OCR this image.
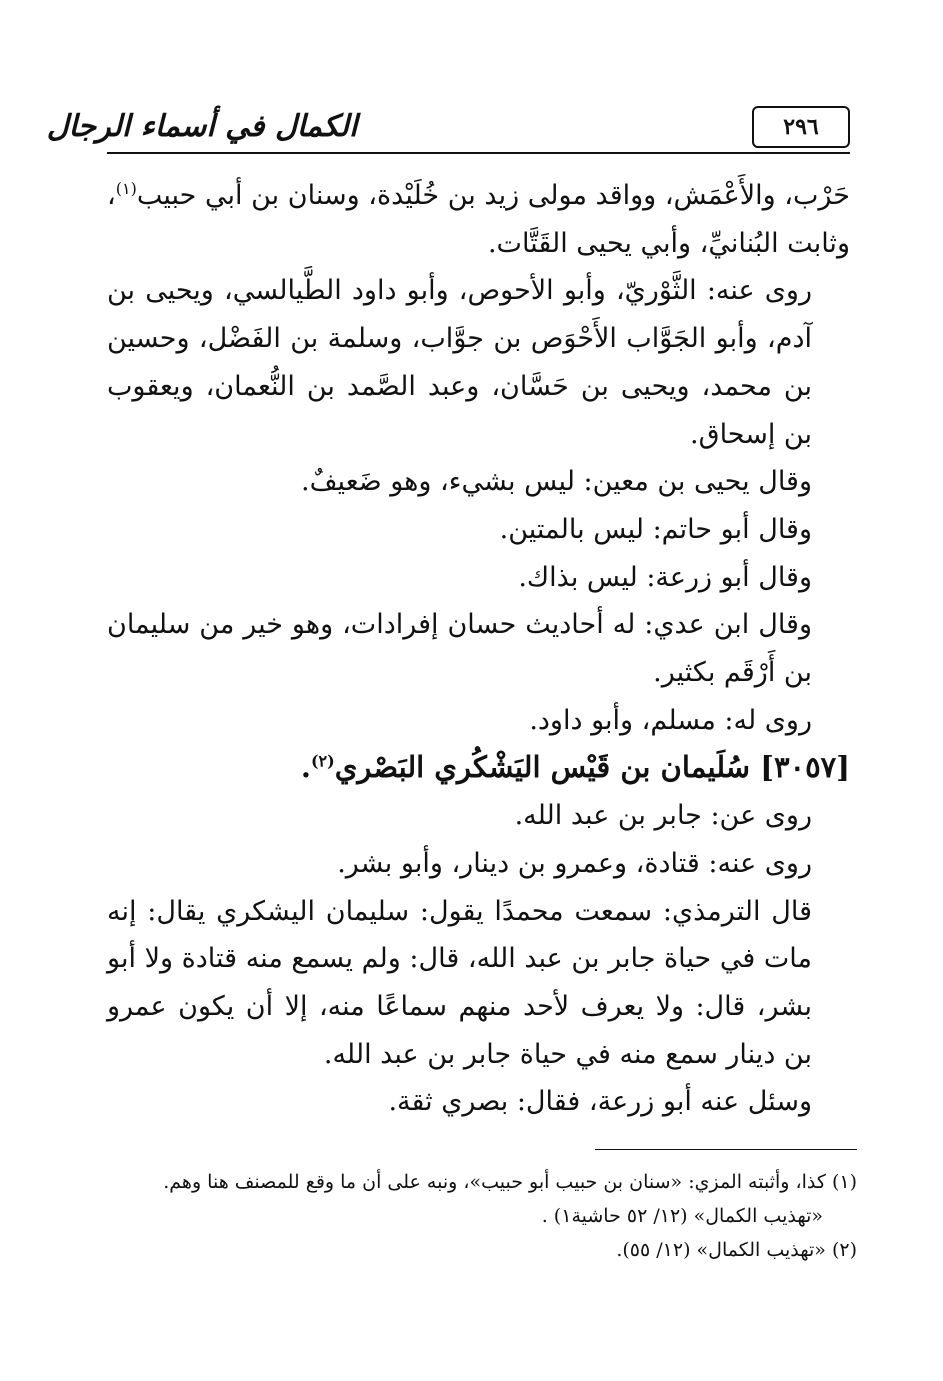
الكمال في أسماء الرجال	٢٩٦

حَرْب، والأَعْمَش، وواقد مولى زيد بن خُلَيْدة، وسنان بن أبي حبيب$^{(١)}$، وثابت البُنانيِّ، وأبي يحيى القَتَّات.

روى عنه: الثَّوْريّ، وأبو الأحوص، وأبو داود الطَّيالسي، ويحيى بن آدم، وأبو الجَوَّاب الأَحْوَص بن جوَّاب، وسلمة بن الفَضْل، وحسين بن محمد، ويحيى بن حَسَّان، وعبد الصَّمد بن النُّعمان، ويعقوب بن إسحاق.

وقال يحيى بن معين: ليس بشيء، وهو ضَعيفٌ.

وقال أبو حاتم: ليس بالمتين.

وقال أبو زرعة: ليس بذاك.

وقال ابن عدي: له أحاديث حسان إفرادات، وهو خير من سليمان بن أَرْقَم بكثير.

روى له: مسلم، وأبو داود.

[٣٠٥٧] سُلَيمان بن قَيْس اليَشْكُري البَصْري$^{(٢)}$.

روى عن: جابر بن عبد الله.

روى عنه: قتادة، وعمرو بن دينار، وأبو بشر.

قال الترمذي: سمعت محمدًا يقول: سليمان اليشكري يقال: إنه مات في حياة جابر بن عبد الله، قال: ولم يسمع منه قتادة ولا أبو بشر، قال: ولا يعرف لأحد منهم سماعًا منه، إلا أن يكون عمرو بن دينار سمع منه في حياة جابر بن عبد الله.

وسئل عنه أبو زرعة، فقال: بصري ثقة.

(١) كذا، وأثبته المزي: «سنان بن حبيب أبو حبيب»، ونبه على أن ما وقع للمصنف هنا وهم.

«تهذيب الكمال» (١٢/ ٥٢ حاشية١) .

(٢) «تهذيب الكمال» (١٢/ ٥٥).
